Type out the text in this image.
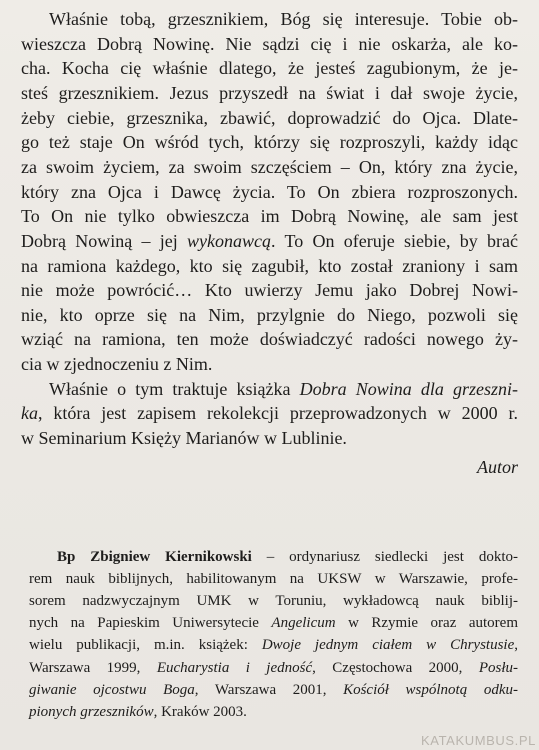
Właśnie tobą, grzesznikiem, Bóg się interesuje. Tobie ob-
wieszcza Dobrą Nowinę. Nie sądzi cię i nie oskarża, ale ko-
cha. Kocha cię właśnie dlatego, że jesteś zagubionym, że je-
steś grzesznikiem. Jezus przyszedł na świat i dał swoje życie,
żeby ciebie, grzesznika, zbawić, doprowadzić do Ojca. Dlate-
go też staje On wśród tych, którzy się rozproszyli, każdy idąc
za swoim życiem, za swoim szczęściem – On, który zna życie,
który zna Ojca i Dawcę życia. To On zbiera rozproszonych.
To On nie tylko obwieszcza im Dobrą Nowinę, ale sam jest
Dobrą Nowiną – jej wykonawcą. To On oferuje siebie, by brać
na ramiona każdego, kto się zagubił, kto został zraniony i sam
nie może powrócić… Kto uwierzy Jemu jako Dobrej Nowi-
nie, kto oprze się na Nim, przylgnie do Niego, pozwoli się
wziąć na ramiona, ten może doświadczyć radości nowego ży-
cia w zjednoczeniu z Nim.
Właśnie o tym traktuje książka Dobra Nowina dla grzeszni-
ka, która jest zapisem rekolekcji przeprowadzonych w 2000 r.
w Seminarium Księży Marianów w Lublinie.
Autor
Bp Zbigniew Kiernikowski – ordynariusz siedlecki jest dokto-
rem nauk biblijnych, habilitowanym na UKSW w Warszawie, profe-
sorem nadzwyczajnym UMK w Toruniu, wykładowcą nauk biblij-
nych na Papieskim Uniwersytecie Angelicum w Rzymie oraz autorem
wielu publikacji, m.in. książek: Dwoje jednym ciałem w Chrystusie,
Warszawa 1999, Eucharystia i jedność, Częstochowa 2000, Posłu-
giwanie ojcostwu Boga, Warszawa 2001, Kościół wspólnotą odku-
pionych grzeszników, Kraków 2003.
KATAKUMBUS.PL
